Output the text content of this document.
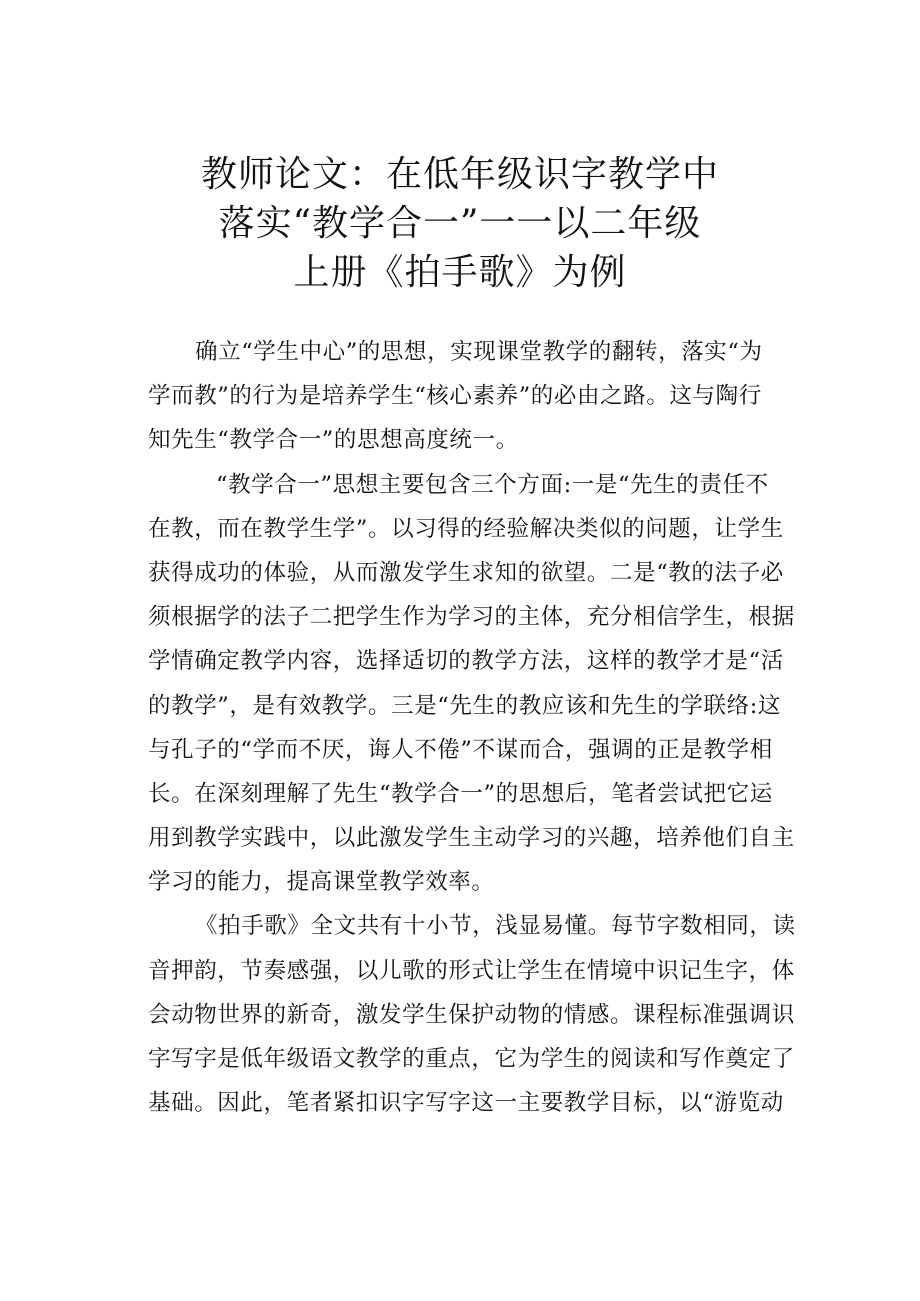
教师论文：在低年级识字教学中
落实“教学合一”一一以二年级
上册《拍手歌》为例

确立“学生中心”的思想，实现课堂教学的翻转，落实“为
学而教”的行为是培养学生“核心素养”的必由之路。这与陶行
知先生“教学合一”的思想高度统一。

“教学合一”思想主要包含三个方面:一是“先生的责任不
在教，而在教学生学”。以习得的经验解决类似的问题，让学生
获得成功的体验，从而激发学生求知的欲望。二是“教的法子必
须根据学的法子二把学生作为学习的主体，充分相信学生，根据
学情确定教学内容，选择适切的教学方法，这样的教学才是“活
的教学”，是有效教学。三是“先生的教应该和先生的学联络:这
与孔子的“学而不厌，诲人不倦”不谋而合，强调的正是教学相
长。在深刻理解了先生“教学合一”的思想后，笔者尝试把它运
用到教学实践中，以此激发学生主动学习的兴趣，培养他们自主
学习的能力，提高课堂教学效率。

《拍手歌》全文共有十小节，浅显易懂。每节字数相同，读
音押韵，节奏感强，以儿歌的形式让学生在情境中识记生字，体
会动物世界的新奇，激发学生保护动物的情感。课程标准强调识
字写字是低年级语文教学的重点，它为学生的阅读和写作奠定了
基础。因此，笔者紧扣识字写字这一主要教学目标，以“游览动
